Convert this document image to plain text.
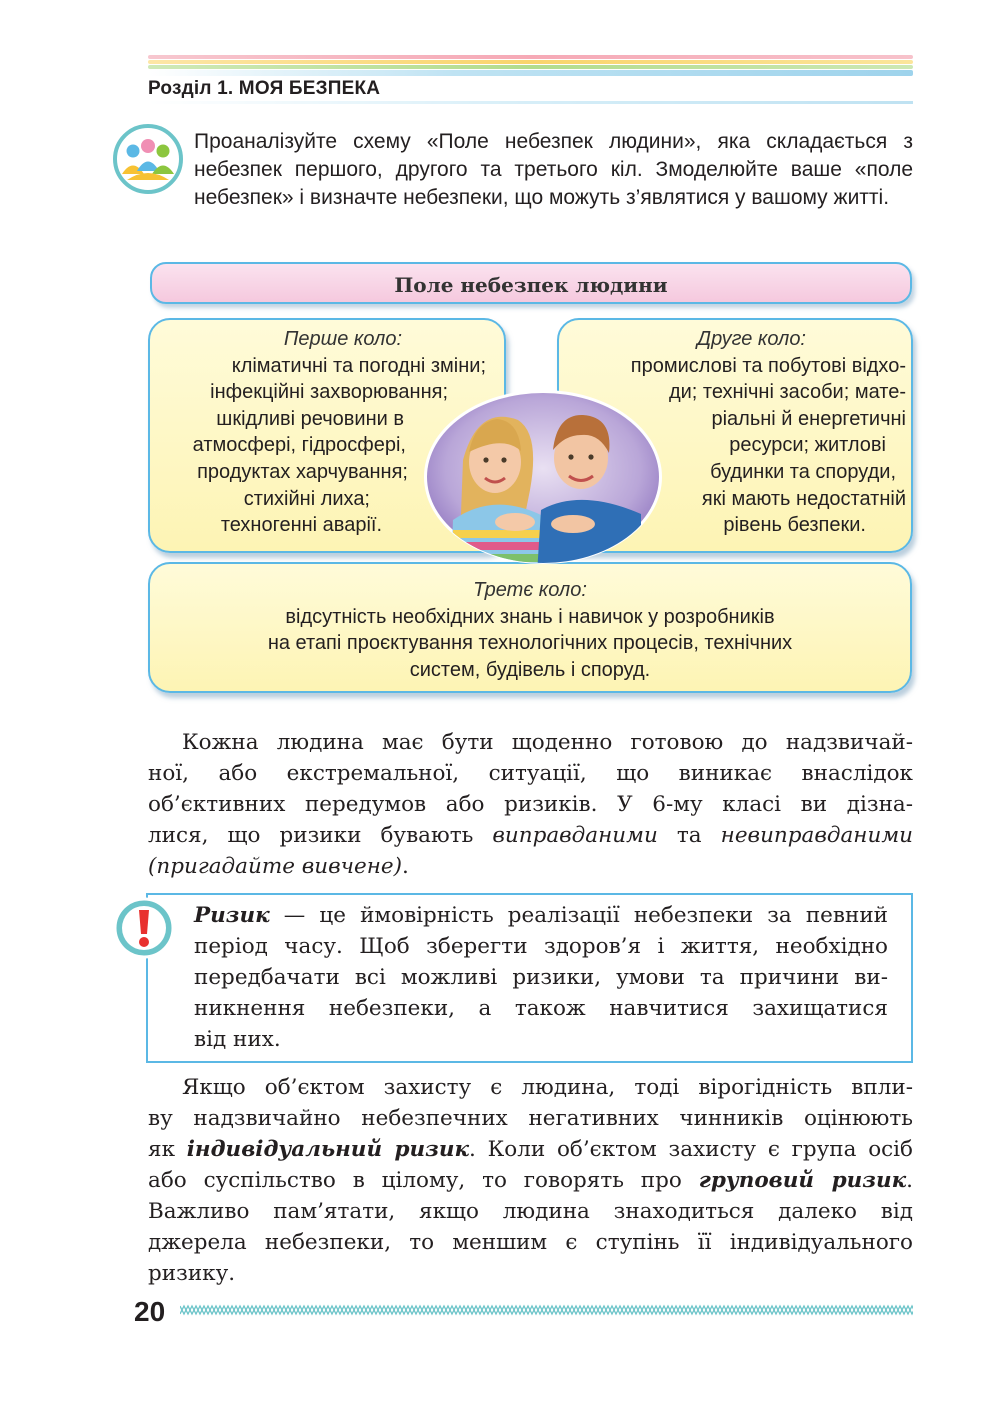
Розділ 1. МОЯ БЕЗПЕКА
Проаналізуйте схему «Поле небезпек людини», яка складається з небезпек першого, другого та третього кіл. Змоделюйте ваше «поле небезпек» і визначте небезпеки, що можуть з’являтися у вашому житті.
Поле небезпек людини
Перше коло:
кліматичні та погодні зміни;
інфекційні захворювання;
шкідливі речовини в
атмосфері, гідросфері,
продуктах харчування;
стихійні лиха;
техногенні аварії.
Друге коло:
промислові та побутові відхо-
ди; технічні засоби; мате-
ріальні й енергетичні
ресурси; житлові
будинки та споруди,
які мають недостатній
рівень безпеки.
Третє коло:
відсутність необхідних знань і навичок у розробників
на етапі проєктування технологічних процесів, технічних
систем, будівель і споруд.
Кожна людина має бути щоденно готовою до надзвичай-
ної, або екстремальної, ситуації, що виникає внаслідок
об’єктивних передумов або ризиків. У 6-му класі ви дізна-
лися, що ризики бувають виправданими та невиправданими
(пригадайте вивчене).
Ризик — це ймовірність реалізації небезпеки за певний
період часу. Щоб зберегти здоров’я і життя, необхідно
передбачати всі можливі ризики, умови та причини ви-
никнення небезпеки, а також навчитися захищатися
від них.
Якщо об’єктом захисту є людина, тоді вірогідність впли-
ву надзвичайно небезпечних негативних чинників оцінюють
як індивідуальний ризик. Коли об’єктом захисту є група осіб
або суспільство в цілому, то говорять про груповий ризик.
Важливо пам’ятати, якщо людина знаходиться далеко від
джерела небезпеки, то меншим є ступінь її індивідуального
ризику.
20
